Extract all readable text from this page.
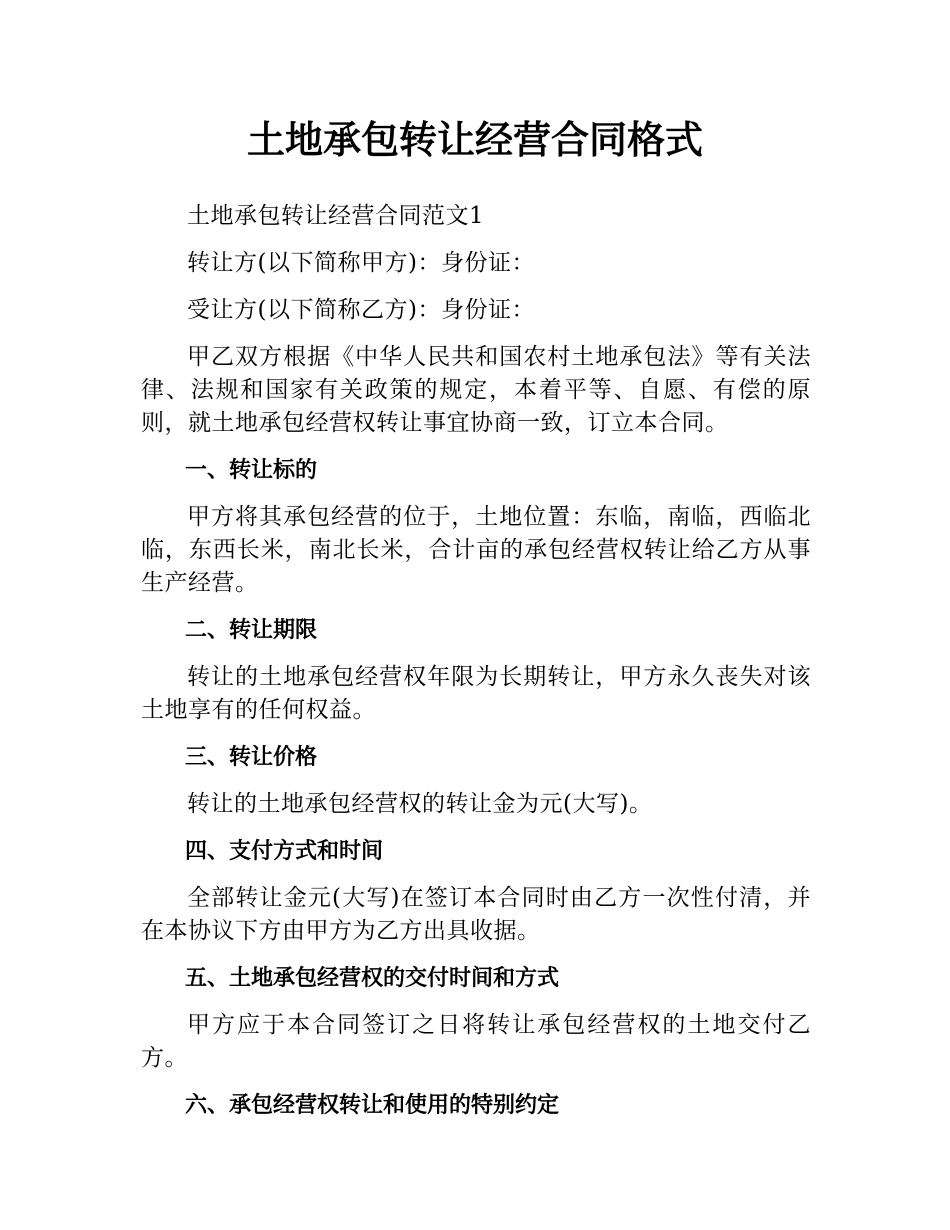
土地承包转让经营合同格式

土地承包转让经营合同范文1

转让方(以下简称甲方)：身份证：

受让方(以下简称乙方)：身份证：

甲乙双方根据《中华人民共和国农村土地承包法》等有关法律、法规和国家有关政策的规定，本着平等、自愿、有偿的原则，就土地承包经营权转让事宜协商一致，订立本合同。

一、转让标的

甲方将其承包经营的位于，土地位置：东临，南临，西临北临，东西长米，南北长米，合计亩的承包经营权转让给乙方从事生产经营。

二、转让期限

转让的土地承包经营权年限为长期转让，甲方永久丧失对该土地享有的任何权益。

三、转让价格

转让的土地承包经营权的转让金为元(大写)。

四、支付方式和时间

全部转让金元(大写)在签订本合同时由乙方一次性付清，并在本协议下方由甲方为乙方出具收据。

五、土地承包经营权的交付时间和方式

甲方应于本合同签订之日将转让承包经营权的土地交付乙方。

六、承包经营权转让和使用的特别约定
